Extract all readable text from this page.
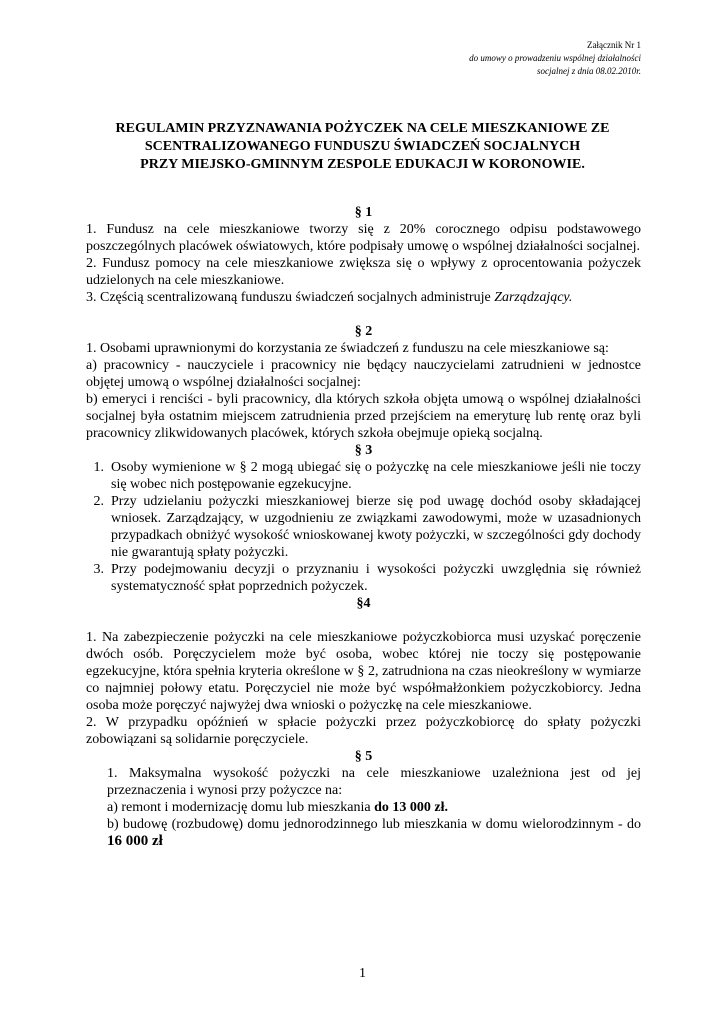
Załącznik Nr 1
do umowy o prowadzeniu wspólnej działalności
socjalnej z dnia 08.02.2010r.
REGULAMIN PRZYZNAWANIA POŻYCZEK NA CELE MIESZKANIOWE ZE
SCENTRALIZOWANEGO FUNDUSZU ŚWIADCZEŃ SOCJALNYCH
PRZY MIEJSKO-GMINNYM ZESPOLE EDUKACJI W KORONOWIE.

§ 1

1. Fundusz na cele mieszkaniowe tworzy się z 20% corocznego odpisu podstawowego poszczególnych placówek oświatowych, które podpisały umowę o wspólnej działalności socjalnej.

2. Fundusz pomocy na cele mieszkaniowe zwiększa się o wpływy z oprocentowania pożyczek udzielonych na cele mieszkaniowe.

3. Częścią scentralizowaną funduszu świadczeń socjalnych administruje Zarządzający.

§ 2

1. Osobami uprawnionymi do korzystania ze świadczeń z funduszu na cele mieszkaniowe są:

a) pracownicy - nauczyciele i pracownicy nie będący nauczycielami zatrudnieni w jednostce objętej umową o wspólnej działalności socjalnej:

b) emeryci i renciści - byli pracownicy, dla których szkoła objęta umową o wspólnej działalności socjalnej była ostatnim miejscem zatrudnienia przed przejściem na emeryturę lub rentę oraz byli pracownicy zlikwidowanych placówek, których szkoła obejmuje opieką socjalną.

§ 3

1. Osoby wymienione w § 2 mogą ubiegać się o pożyczkę na cele mieszkaniowe jeśli nie toczy się wobec nich postępowanie egzekucyjne.
2. Przy udzielaniu pożyczki mieszkaniowej bierze się pod uwagę dochód osoby składającej wniosek. Zarządzający, w uzgodnieniu ze związkami zawodowymi, może w uzasadnionych przypadkach obniżyć wysokość wnioskowanej kwoty pożyczki, w szczególności gdy dochody nie gwarantują spłaty pożyczki.
3. Przy podejmowaniu decyzji o przyznaniu i wysokości pożyczki uwzględnia się również systematyczność spłat poprzednich pożyczek.

§4

1. Na zabezpieczenie pożyczki na cele mieszkaniowe pożyczkobiorca musi uzyskać poręczenie dwóch osób. Poręczycielem może być osoba, wobec której nie toczy się postępowanie egzekucyjne, która spełnia kryteria określone w § 2, zatrudniona na czas nieokreślony w wymiarze co najmniej połowy etatu. Poręczyciel nie może być współmałżonkiem pożyczkobiorcy. Jedna osoba może poręczyć najwyżej dwa wnioski o pożyczkę na cele mieszkaniowe.

2. W przypadku opóźnień w spłacie pożyczki przez pożyczkobiorcę do spłaty pożyczki zobowiązani są solidarnie poręczyciele.

§ 5

1. Maksymalna wysokość pożyczki na cele mieszkaniowe uzależniona jest od jej przeznaczenia i wynosi przy pożyczce na:

a) remont i modernizację domu lub mieszkania do 13 000 zł.

b) budowę (rozbudowę) domu jednorodzinnego lub mieszkania w domu wielorodzinnym - do 16 000 zł

1
